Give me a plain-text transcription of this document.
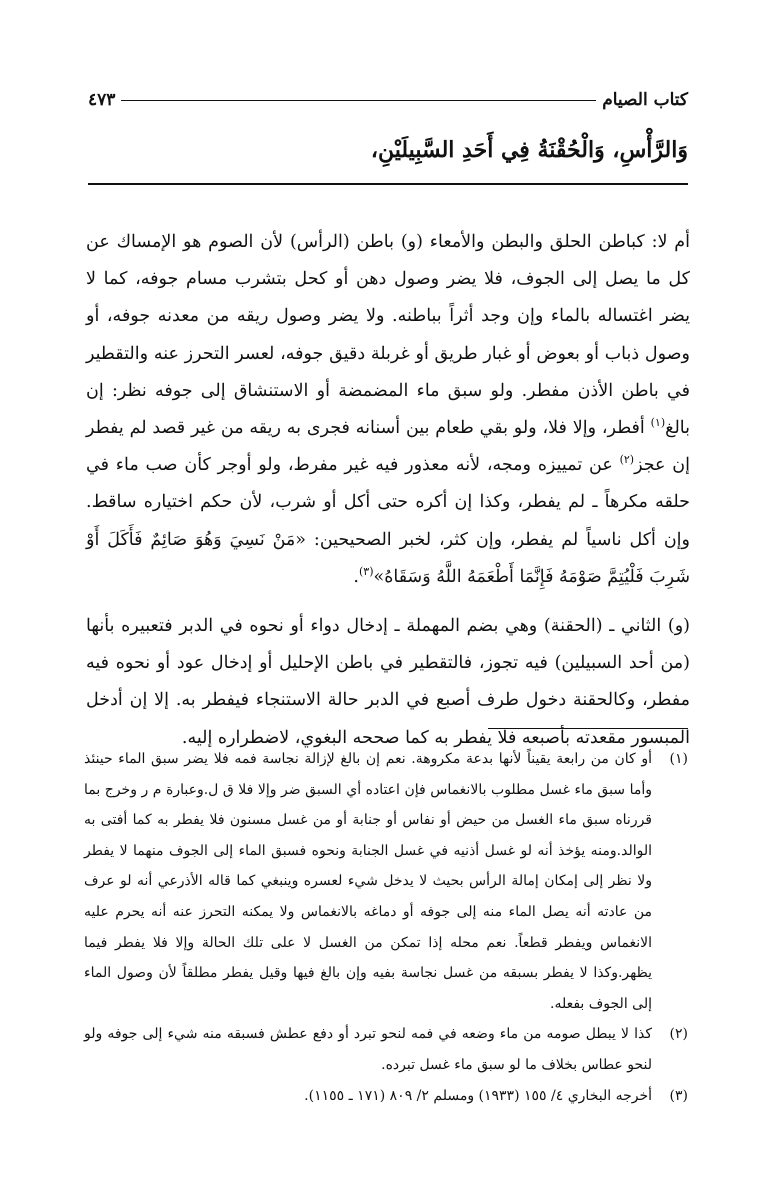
كتاب الصيام
٤٧٣
وَالرَّأْسِ، وَالْحُقْنَةُ فِي أَحَدِ السَّبِيلَيْنِ،

أم لا: كباطن الحلق والبطن والأمعاء (و) باطن (الرأس) لأن الصوم هو الإمساك عن كل ما يصل إلى الجوف، فلا يضر وصول دهن أو كحل بتشرب مسام جوفه، كما لا يضر اغتساله بالماء وإن وجد أثراً بباطنه. ولا يضر وصول ريقه من معدنه جوفه، أو وصول ذباب أو بعوض أو غبار طريق أو غربلة دقيق جوفه، لعسر التحرز عنه والتقطير في باطن الأذن مفطر. ولو سبق ماء المضمضة أو الاستنشاق إلى جوفه نظر: إن بالغ$^{(١)}$ أفطر، وإلا فلا، ولو بقي طعام بين أسنانه فجرى به ريقه من غير قصد لم يفطر إن عجز$^{(٢)}$ عن تمييزه ومجه، لأنه معذور فيه غير مفرط، ولو أوجر كأن صب ماء في حلقه مكرهاً ـ لم يفطر، وكذا إن أكره حتى أكل أو شرب، لأن حكم اختياره ساقط. وإن أكل ناسياً لم يفطر، وإن كثر، لخبر الصحيحين: «مَنْ نَسِيَ وَهُوَ صَائِمٌ فَأَكَلَ أَوْ شَرِبَ فَلْيُتِمَّ صَوْمَهُ فَإِنَّمَا أَطْعَمَهُ اللَّهُ وَسَقَاهُ»$^{(٣)}$.

(و) الثاني ـ (الحقنة) وهي بضم المهملة ـ إدخال دواء أو نحوه في الدبر فتعبيره بأنها (من أحد السبيلين) فيه تجوز، فالتقطير في باطن الإحليل أو إدخال عود أو نحوه فيه مفطر، وكالحقنة دخول طرف أصبع في الدبر حالة الاستنجاء فيفطر به. إلا إن أدخل المبسور مقعدته بأصبعه فلا يفطر به كما صححه البغوي، لاضطراره إليه.

(١)
أو كان من رابعة يقيناً لأنها بدعة مكروهة. نعم إن بالغ لإزالة نجاسة فمه فلا يضر سبق الماء حينئذ وأما سبق ماء غسل مطلوب بالانغماس فإن اعتاده أي السبق ضر وإلا فلا ق ل.وعبارة م ر وخرج بما قررناه سبق ماء الغسل من حيض أو نفاس أو جنابة أو من غسل مسنون فلا يفطر به كما أفتى به الوالد.ومنه يؤخذ أنه لو غسل أذنيه في غسل الجنابة ونحوه فسبق الماء إلى الجوف منهما لا يفطر ولا نظر إلى إمكان إمالة الرأس بحيث لا يدخل شيء لعسره وينبغي كما قاله الأذرعي أنه لو عرف من عادته أنه يصل الماء منه إلى جوفه أو دماغه بالانغماس ولا يمكنه التحرز عنه أنه يحرم عليه الانغماس ويفطر قطعاً. نعم محله إذا تمكن من الغسل لا على تلك الحالة وإلا فلا يفطر فيما يظهر.وكذا لا يفطر بسبقه من غسل نجاسة بفيه وإن بالغ فيها وقيل يفطر مطلقاً لأن وصول الماء إلى الجوف بفعله.
(٢)
كذا لا يبطل صومه من ماء وضعه في فمه لنحو تبرد أو دفع عطش فسبقه منه شيء إلى جوفه ولو لنحو عطاس بخلاف ما لو سبق ماء غسل تبرده.
(٣)
أخرجه البخاري ٤/ ١٥٥ (١٩٣٣) ومسلم ٢/ ٨٠٩ (١٧١ ـ ١١٥٥).
